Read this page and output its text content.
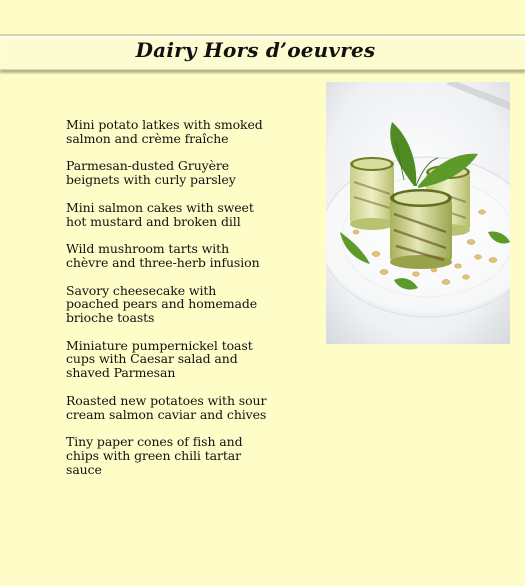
Dairy Hors d’oeuvres
Mini potato latkes with smoked salmon and crème fraîche
Parmesan-dusted Gruyère beignets with curly parsley
Mini salmon cakes with sweet hot mustard and broken dill
Wild mushroom tarts with chèvre and three-herb infusion
Savory cheesecake with poached pears and homemade brioche toasts
Miniature pumpernickel toast cups with Caesar salad and shaved Parmesan
Roasted new potatoes with sour cream salmon caviar and chives
Tiny paper cones of fish and chips with green chili tartar sauce
